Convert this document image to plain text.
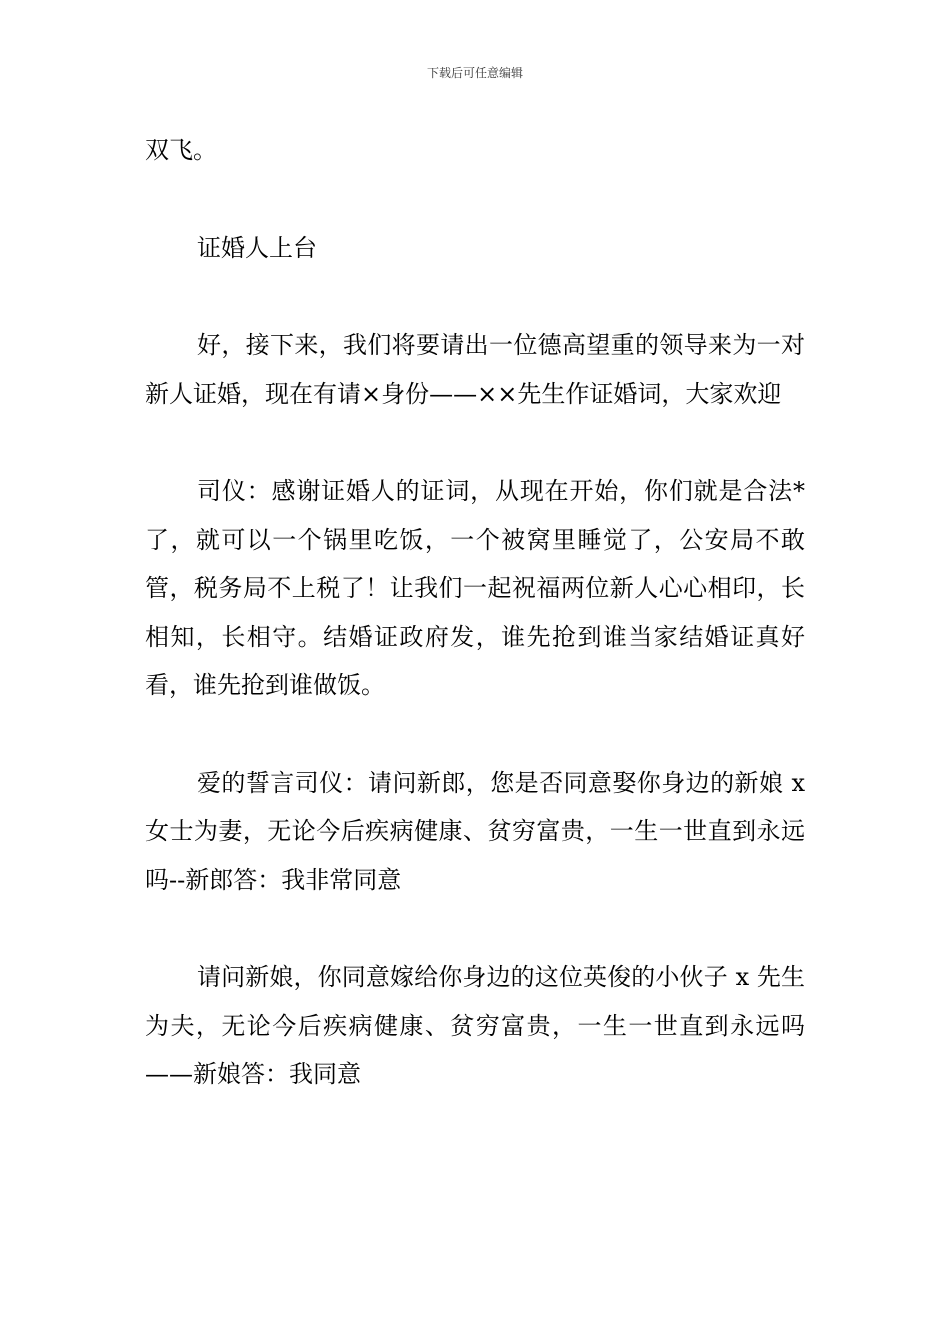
下载后可任意编辑

双飞。

证婚人上台

好，接下来，我们将要请出一位德高望重的领导来为一对新人证婚，现在有请×身份——××先生作证婚词，大家欢迎

司仪：感谢证婚人的证词，从现在开始，你们就是合法*了，就可以一个锅里吃饭，一个被窝里睡觉了，公安局不敢管，税务局不上税了！让我们一起祝福两位新人心心相印，长相知，长相守。结婚证政府发，谁先抢到谁当家结婚证真好看，谁先抢到谁做饭。

爱的誓言司仪：请问新郎，您是否同意娶你身边的新娘 x 女士为妻，无论今后疾病健康、贫穷富贵，一生一世直到永远吗--新郎答：我非常同意

请问新娘，你同意嫁给你身边的这位英俊的小伙子 x 先生为夫，无论今后疾病健康、贫穷富贵，一生一世直到永远吗——新娘答：我同意
